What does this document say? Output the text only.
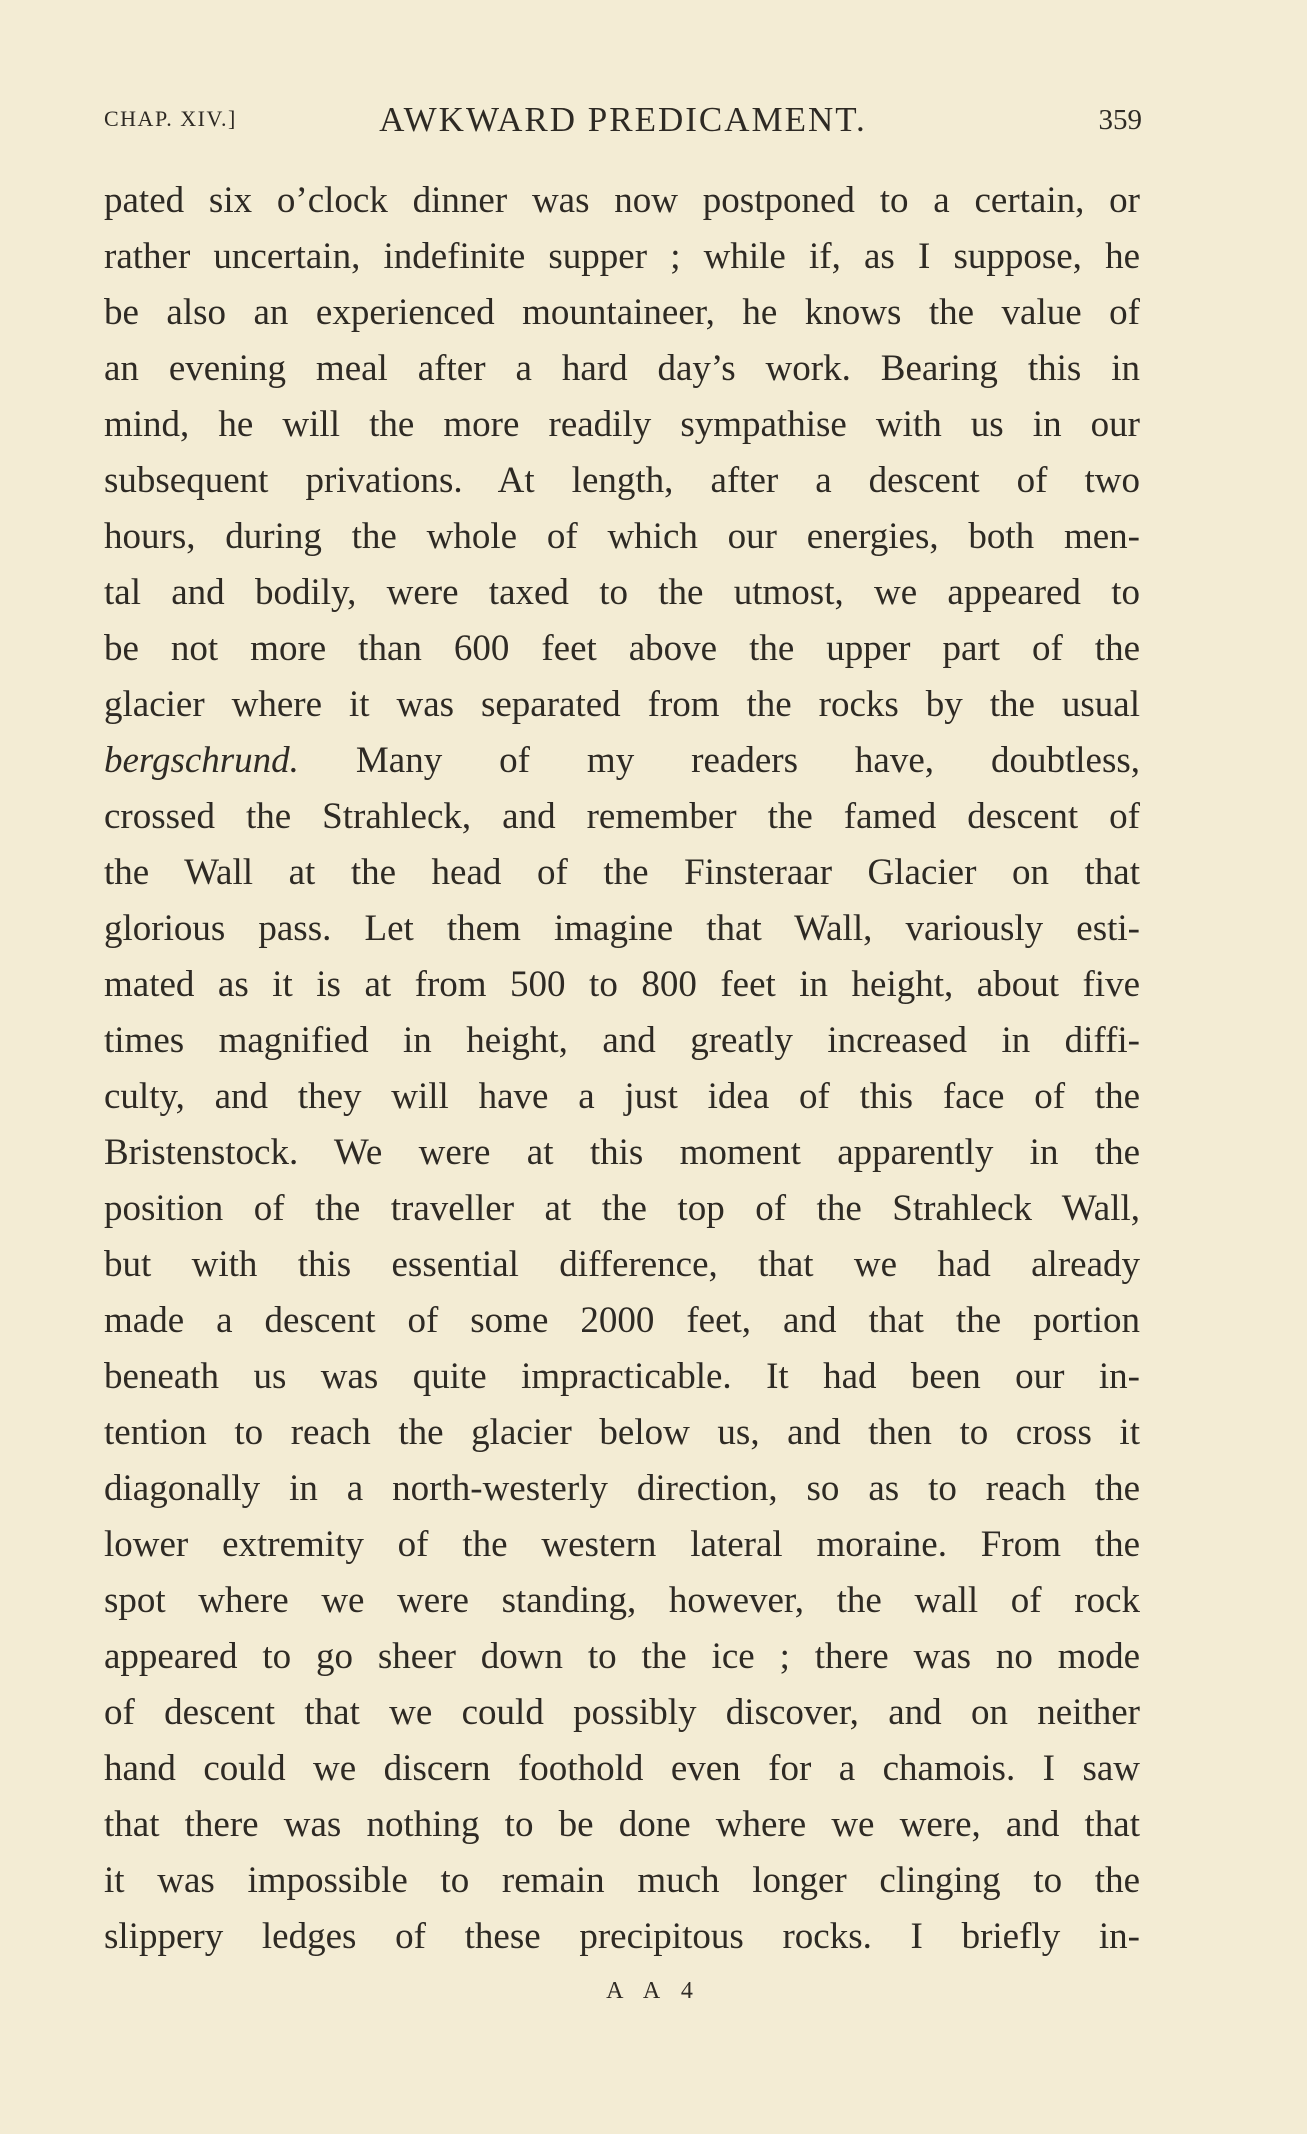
CHAP. XIV.]	AWKWARD PREDICAMENT.	359
pated six o’clock dinner was now postponed to a certain, or
rather uncertain, indefinite supper ; while if, as I suppose, he
be also an experienced mountaineer, he knows the value of
an evening meal after a hard day’s work. Bearing this in
mind, he will the more readily sympathise with us in our
subsequent privations. At length, after a descent of two
hours, during the whole of which our energies, both men-
tal and bodily, were taxed to the utmost, we appeared to
be not more than 600 feet above the upper part of the
glacier where it was separated from the rocks by the usual
bergschrund. Many of my readers have, doubtless,
crossed the Strahleck, and remember the famed descent of
the Wall at the head of the Finsteraar Glacier on that
glorious pass. Let them imagine that Wall, variously esti-
mated as it is at from 500 to 800 feet in height, about five
times magnified in height, and greatly increased in diffi-
culty, and they will have a just idea of this face of the
Bristenstock. We were at this moment apparently in the
position of the traveller at the top of the Strahleck Wall,
but with this essential difference, that we had already
made a descent of some 2000 feet, and that the portion
beneath us was quite impracticable. It had been our in-
tention to reach the glacier below us, and then to cross it
diagonally in a north-westerly direction, so as to reach the
lower extremity of the western lateral moraine. From the
spot where we were standing, however, the wall of rock
appeared to go sheer down to the ice ; there was no mode
of descent that we could possibly discover, and on neither
hand could we discern foothold even for a chamois. I saw
that there was nothing to be done where we were, and that
it was impossible to remain much longer clinging to the
slippery ledges of these precipitous rocks. I briefly in-
A A 4
